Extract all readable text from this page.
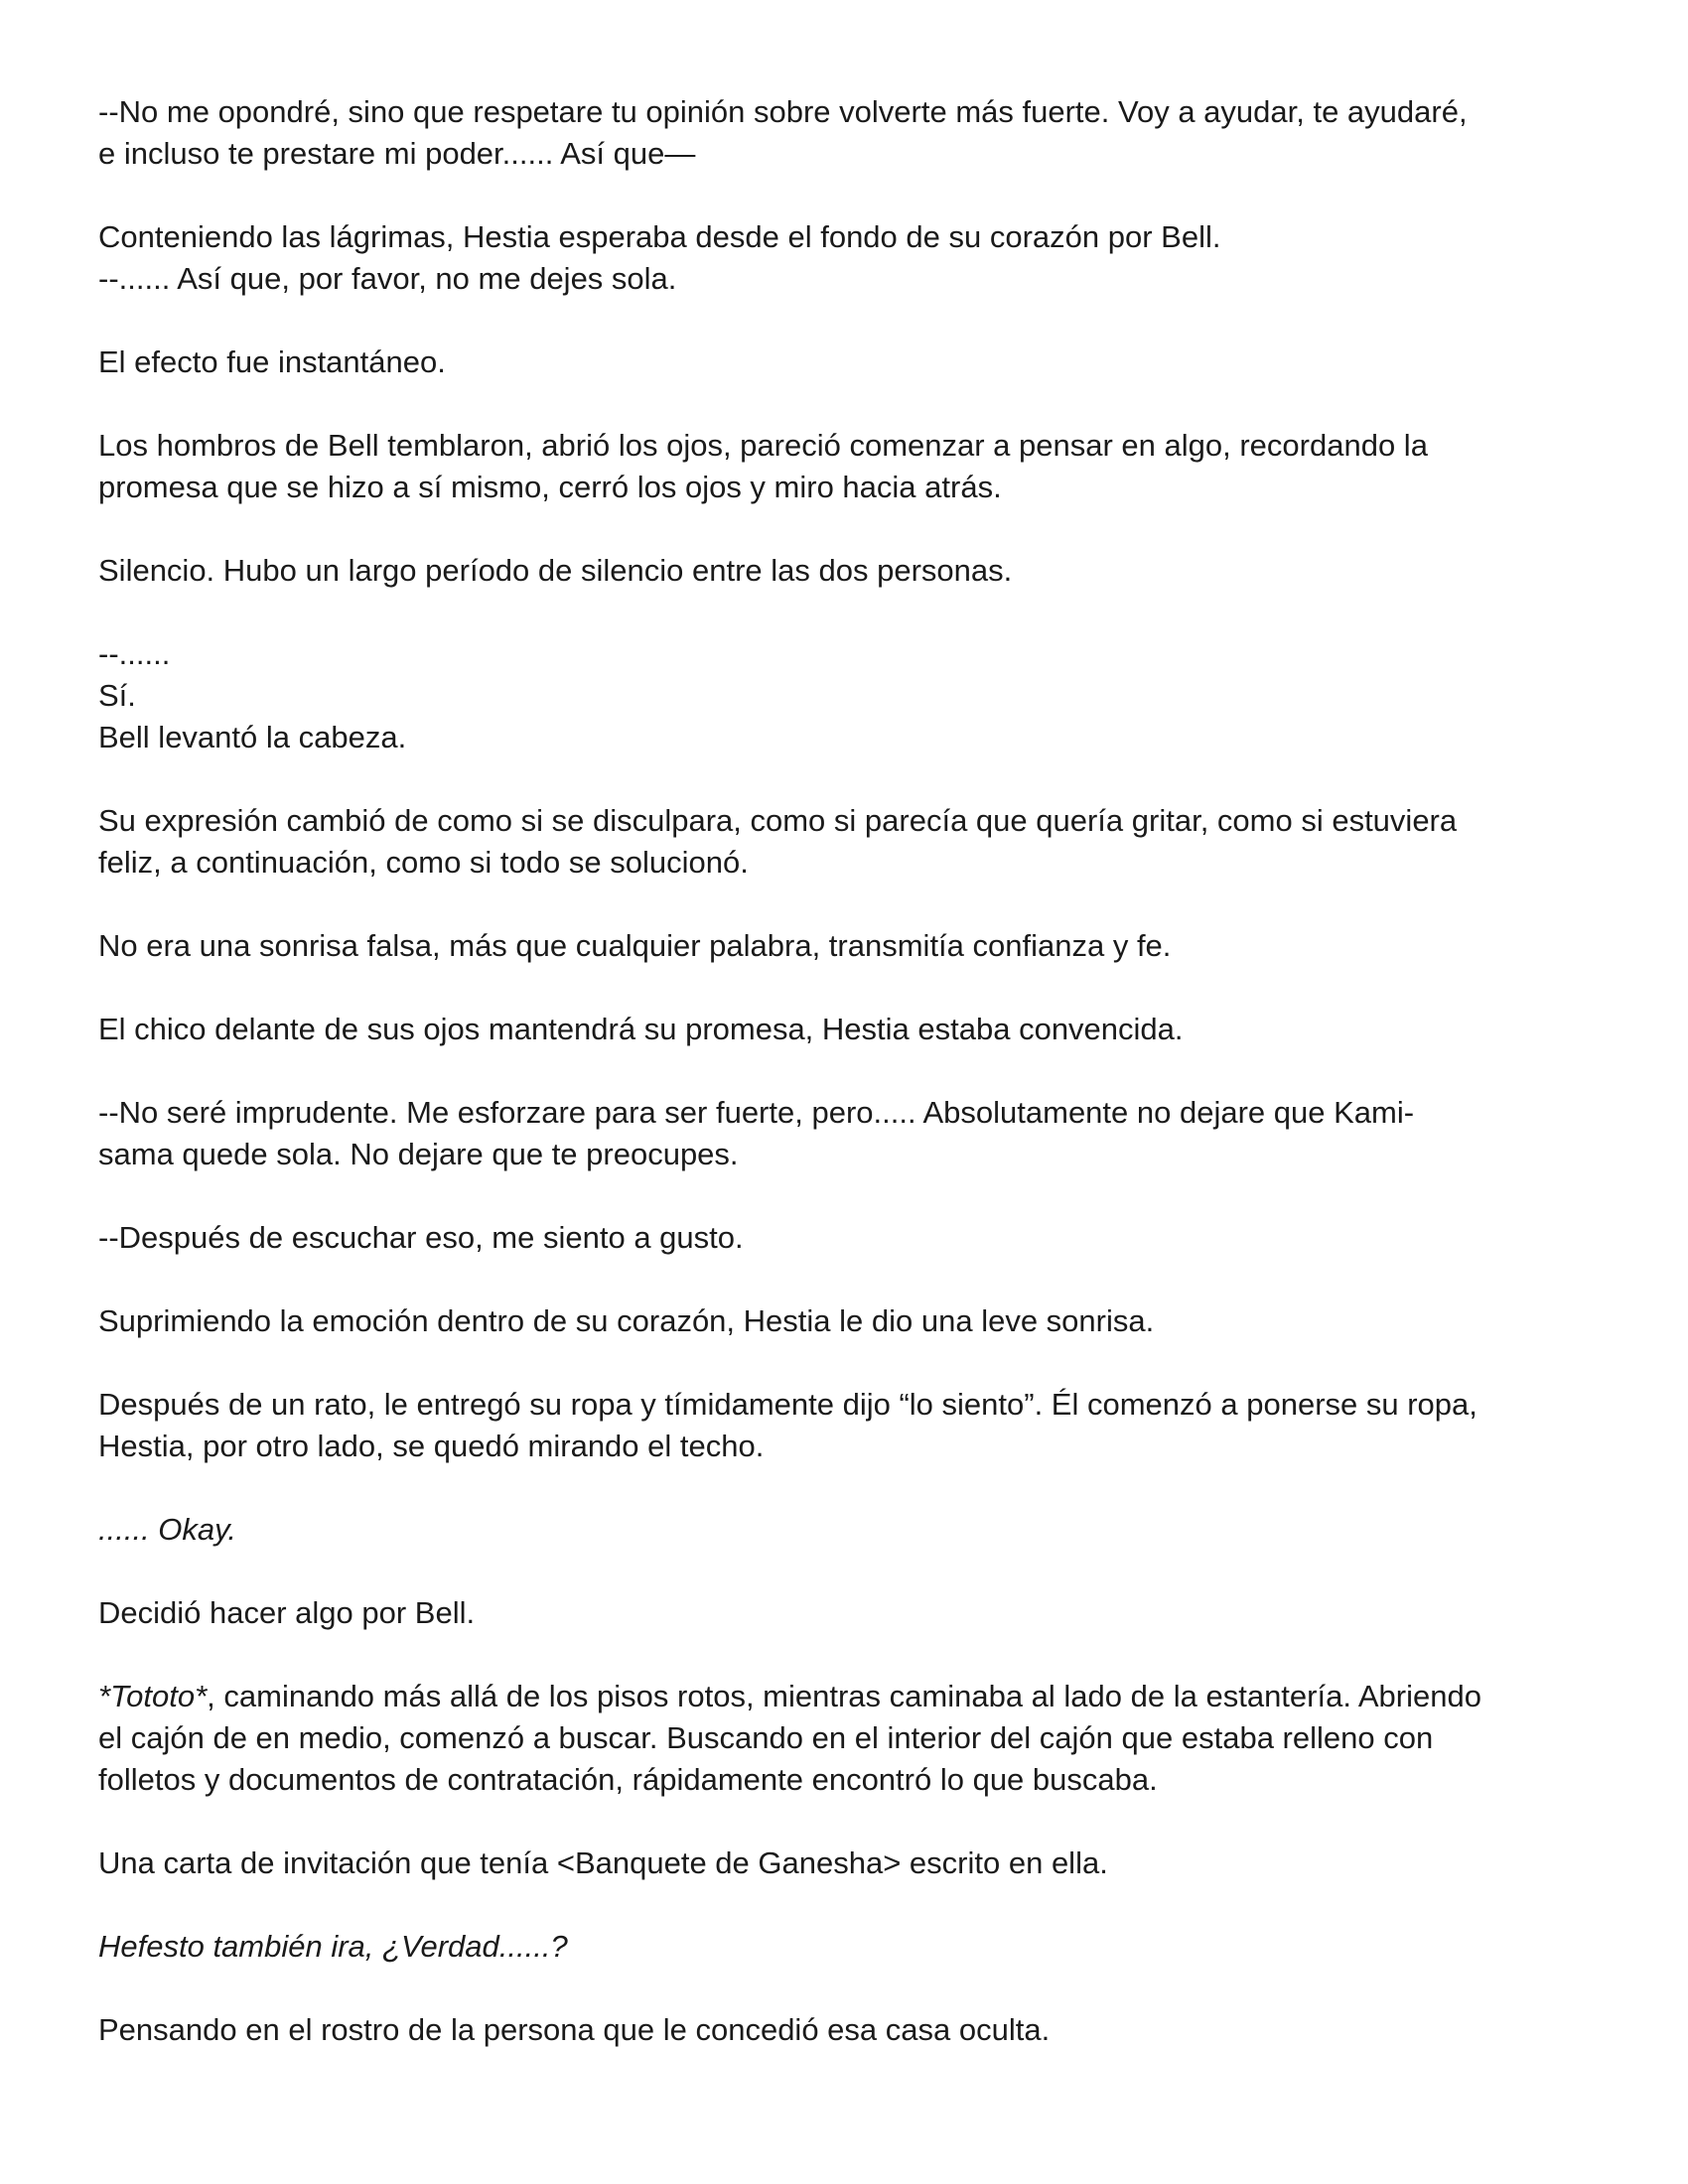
--No me opondré, sino que respetare tu opinión sobre volverte más fuerte. Voy a ayudar, te ayudaré,
e incluso te prestare mi poder...... Así que—

Conteniendo las lágrimas, Hestia esperaba desde el fondo de su corazón por Bell.
--...... Así que, por favor, no me dejes sola.

El efecto fue instantáneo.

Los hombros de Bell temblaron, abrió los ojos, pareció comenzar a pensar en algo, recordando la
promesa que se hizo a sí mismo, cerró los ojos y miro hacia atrás.

Silencio. Hubo un largo período de silencio entre las dos personas.

--......
Sí.
Bell levantó la cabeza.

Su expresión cambió de como si se disculpara, como si parecía que quería gritar, como si estuviera
feliz, a continuación, como si todo se solucionó.

No era una sonrisa falsa, más que cualquier palabra, transmitía confianza y fe.

El chico delante de sus ojos mantendrá su promesa, Hestia estaba convencida.

--No seré imprudente. Me esforzare para ser fuerte, pero..... Absolutamente no dejare que Kami-
sama quede sola. No dejare que te preocupes.

--Después de escuchar eso, me siento a gusto.

Suprimiendo la emoción dentro de su corazón, Hestia le dio una leve sonrisa.

Después de un rato, le entregó su ropa y tímidamente dijo “lo siento”. Él comenzó a ponerse su ropa,
Hestia, por otro lado, se quedó mirando el techo.

...... Okay.

Decidió hacer algo por Bell.

*Tototo*, caminando más allá de los pisos rotos, mientras caminaba al lado de la estantería. Abriendo
el cajón de en medio, comenzó a buscar. Buscando en el interior del cajón que estaba relleno con
folletos y documentos de contratación, rápidamente encontró lo que buscaba.

Una carta de invitación que tenía <Banquete de Ganesha> escrito en ella.

Hefesto también ira, ¿Verdad......?

Pensando en el rostro de la persona que le concedió esa casa oculta.
